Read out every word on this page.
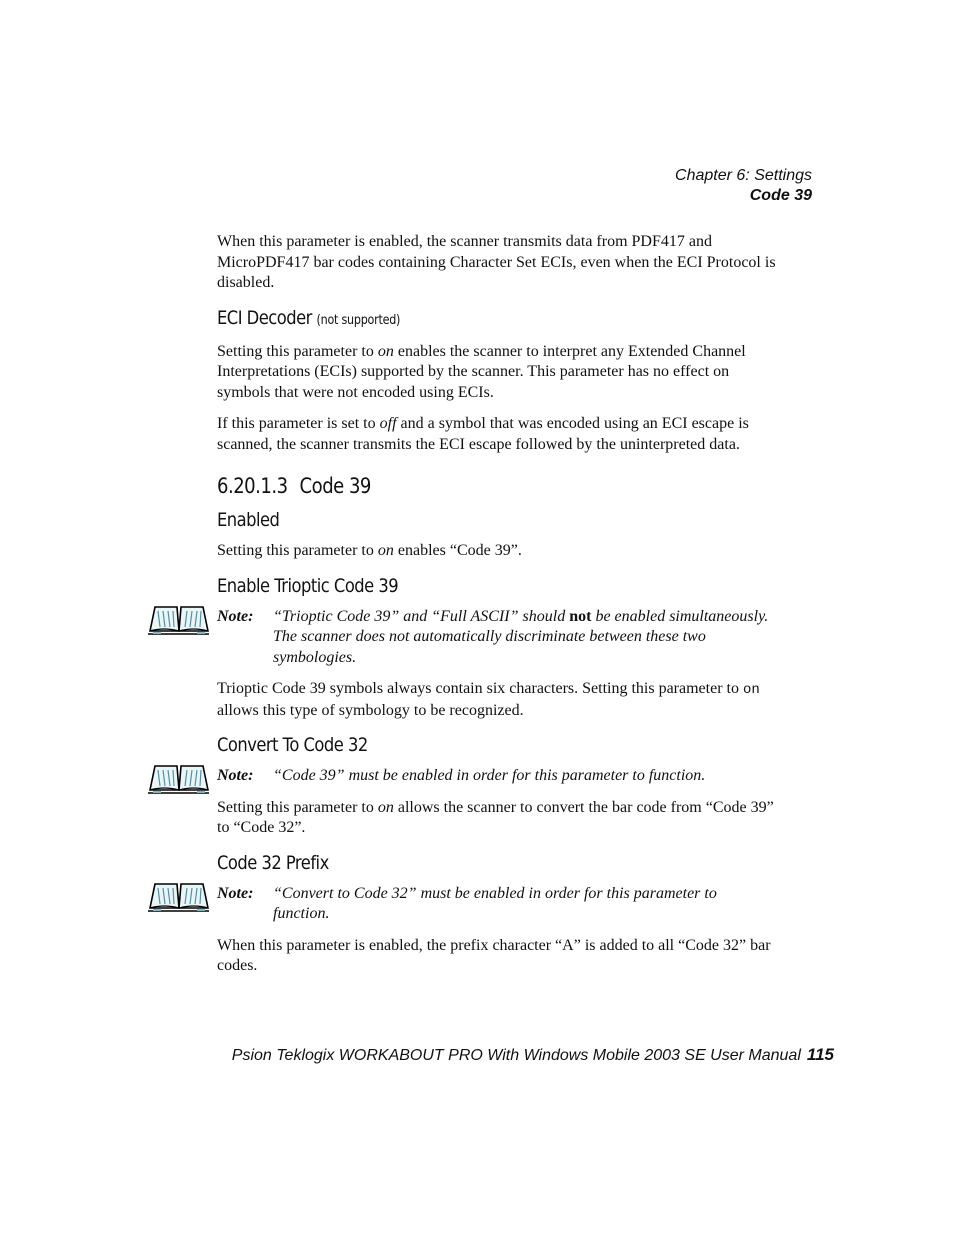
Chapter 6: Settings
Code 39

When this parameter is enabled, the scanner transmits data from PDF417 and MicroPDF417 bar codes containing Character Set ECIs, even when the ECI Protocol is disabled.

ECI Decoder (not supported)

Setting this parameter to on enables the scanner to interpret any Extended Channel Interpretations (ECIs) supported by the scanner. This parameter has no effect on symbols that were not encoded using ECIs.

If this parameter is set to off and a symbol that was encoded using an ECI escape is scanned, the scanner transmits the ECI escape followed by the uninterpreted data.

6.20.1.3 Code 39
Enabled

Setting this parameter to on enables “Code 39”.

Enable Trioptic Code 39
Note: “Trioptic Code 39” and “Full ASCII” should not be enabled simultaneously. The scanner does not automatically discriminate between these two symbologies.

Trioptic Code 39 symbols always contain six characters. Setting this parameter to on allows this type of symbology to be recognized.

Convert To Code 32
Note: “Code 39” must be enabled in order for this parameter to function.

Setting this parameter to on allows the scanner to convert the bar code from “Code 39” to “Code 32”.

Code 32 Prefix
Note: “Convert to Code 32” must be enabled in order for this parameter to function.

When this parameter is enabled, the prefix character “A” is added to all “Code 32” bar codes.

Psion Teklogix WORKABOUT PRO With Windows Mobile 2003 SE User Manual 115
